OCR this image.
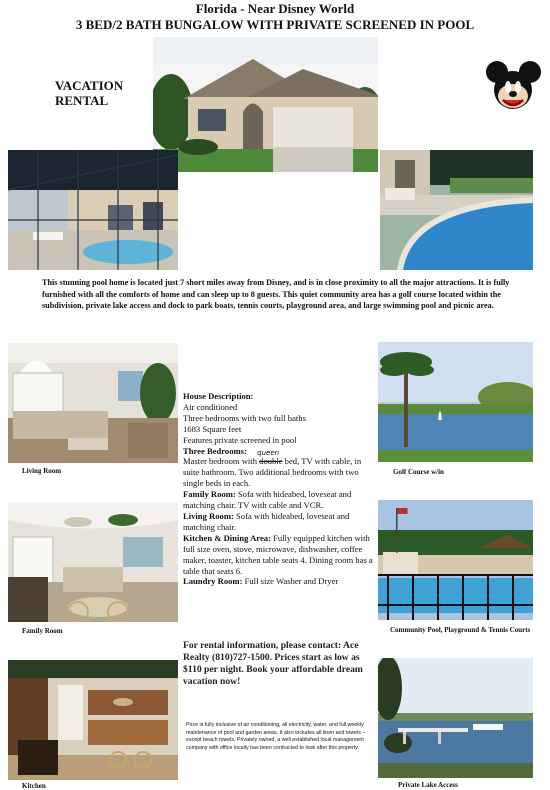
Florida - Near Disney World
3 BED/2 BATH BUNGALOW WITH PRIVATE SCREENED IN POOL
VACATION
RENTAL
This stunning pool home is located just 7 short miles away from Disney, and is in close proximity to all the major attractions. It is fully furnished with all the comforts of home and can sleep up to 8 guests. This quiet community area has a golf course located within the subdivision, private lake access and dock to park boats, tennis courts, playground area, and large swimming pool and picnic area.
Living Room	Golf Course w/in
House Description:
Air conditioned
Three bedrooms with two full baths
1683 Square feet
Features private screened in pool
Three Bedrooms:
Master bedroom with
queen
double bed, TV with cable, in suite bathroom. Two additional bedrooms with two single beds in each.
Family Room: Sofa with hideabed, loveseat and matching chair. TV with cable and VCR.
Living Room: Sofa with hideabed, loveseat and matching chair.
Kitchen & Dining Area: Fully equipped kitchen with full size oven, stove, microwave, dishwasher, coffee maker, toaster, kitchen table seats 4. Dining room has a table that seats 6.
Laundry Room: Full size Washer and Dryer
Family Room	Community Pool, Playground & Tennis Courts
For rental information, please contact: Ace Realty (810)727-1500. Prices start as low as $110 per night. Book your affordable dream vacation now!
Price is fully inclusive of air conditioning, all electricity, water, and full weekly maintenance of pool and garden areas. It also includes all linen and towels -- except beach towels. Privately owned, a well established local management company with office locally has been contracted to look after this property.
Kitchen	Private Lake Access
